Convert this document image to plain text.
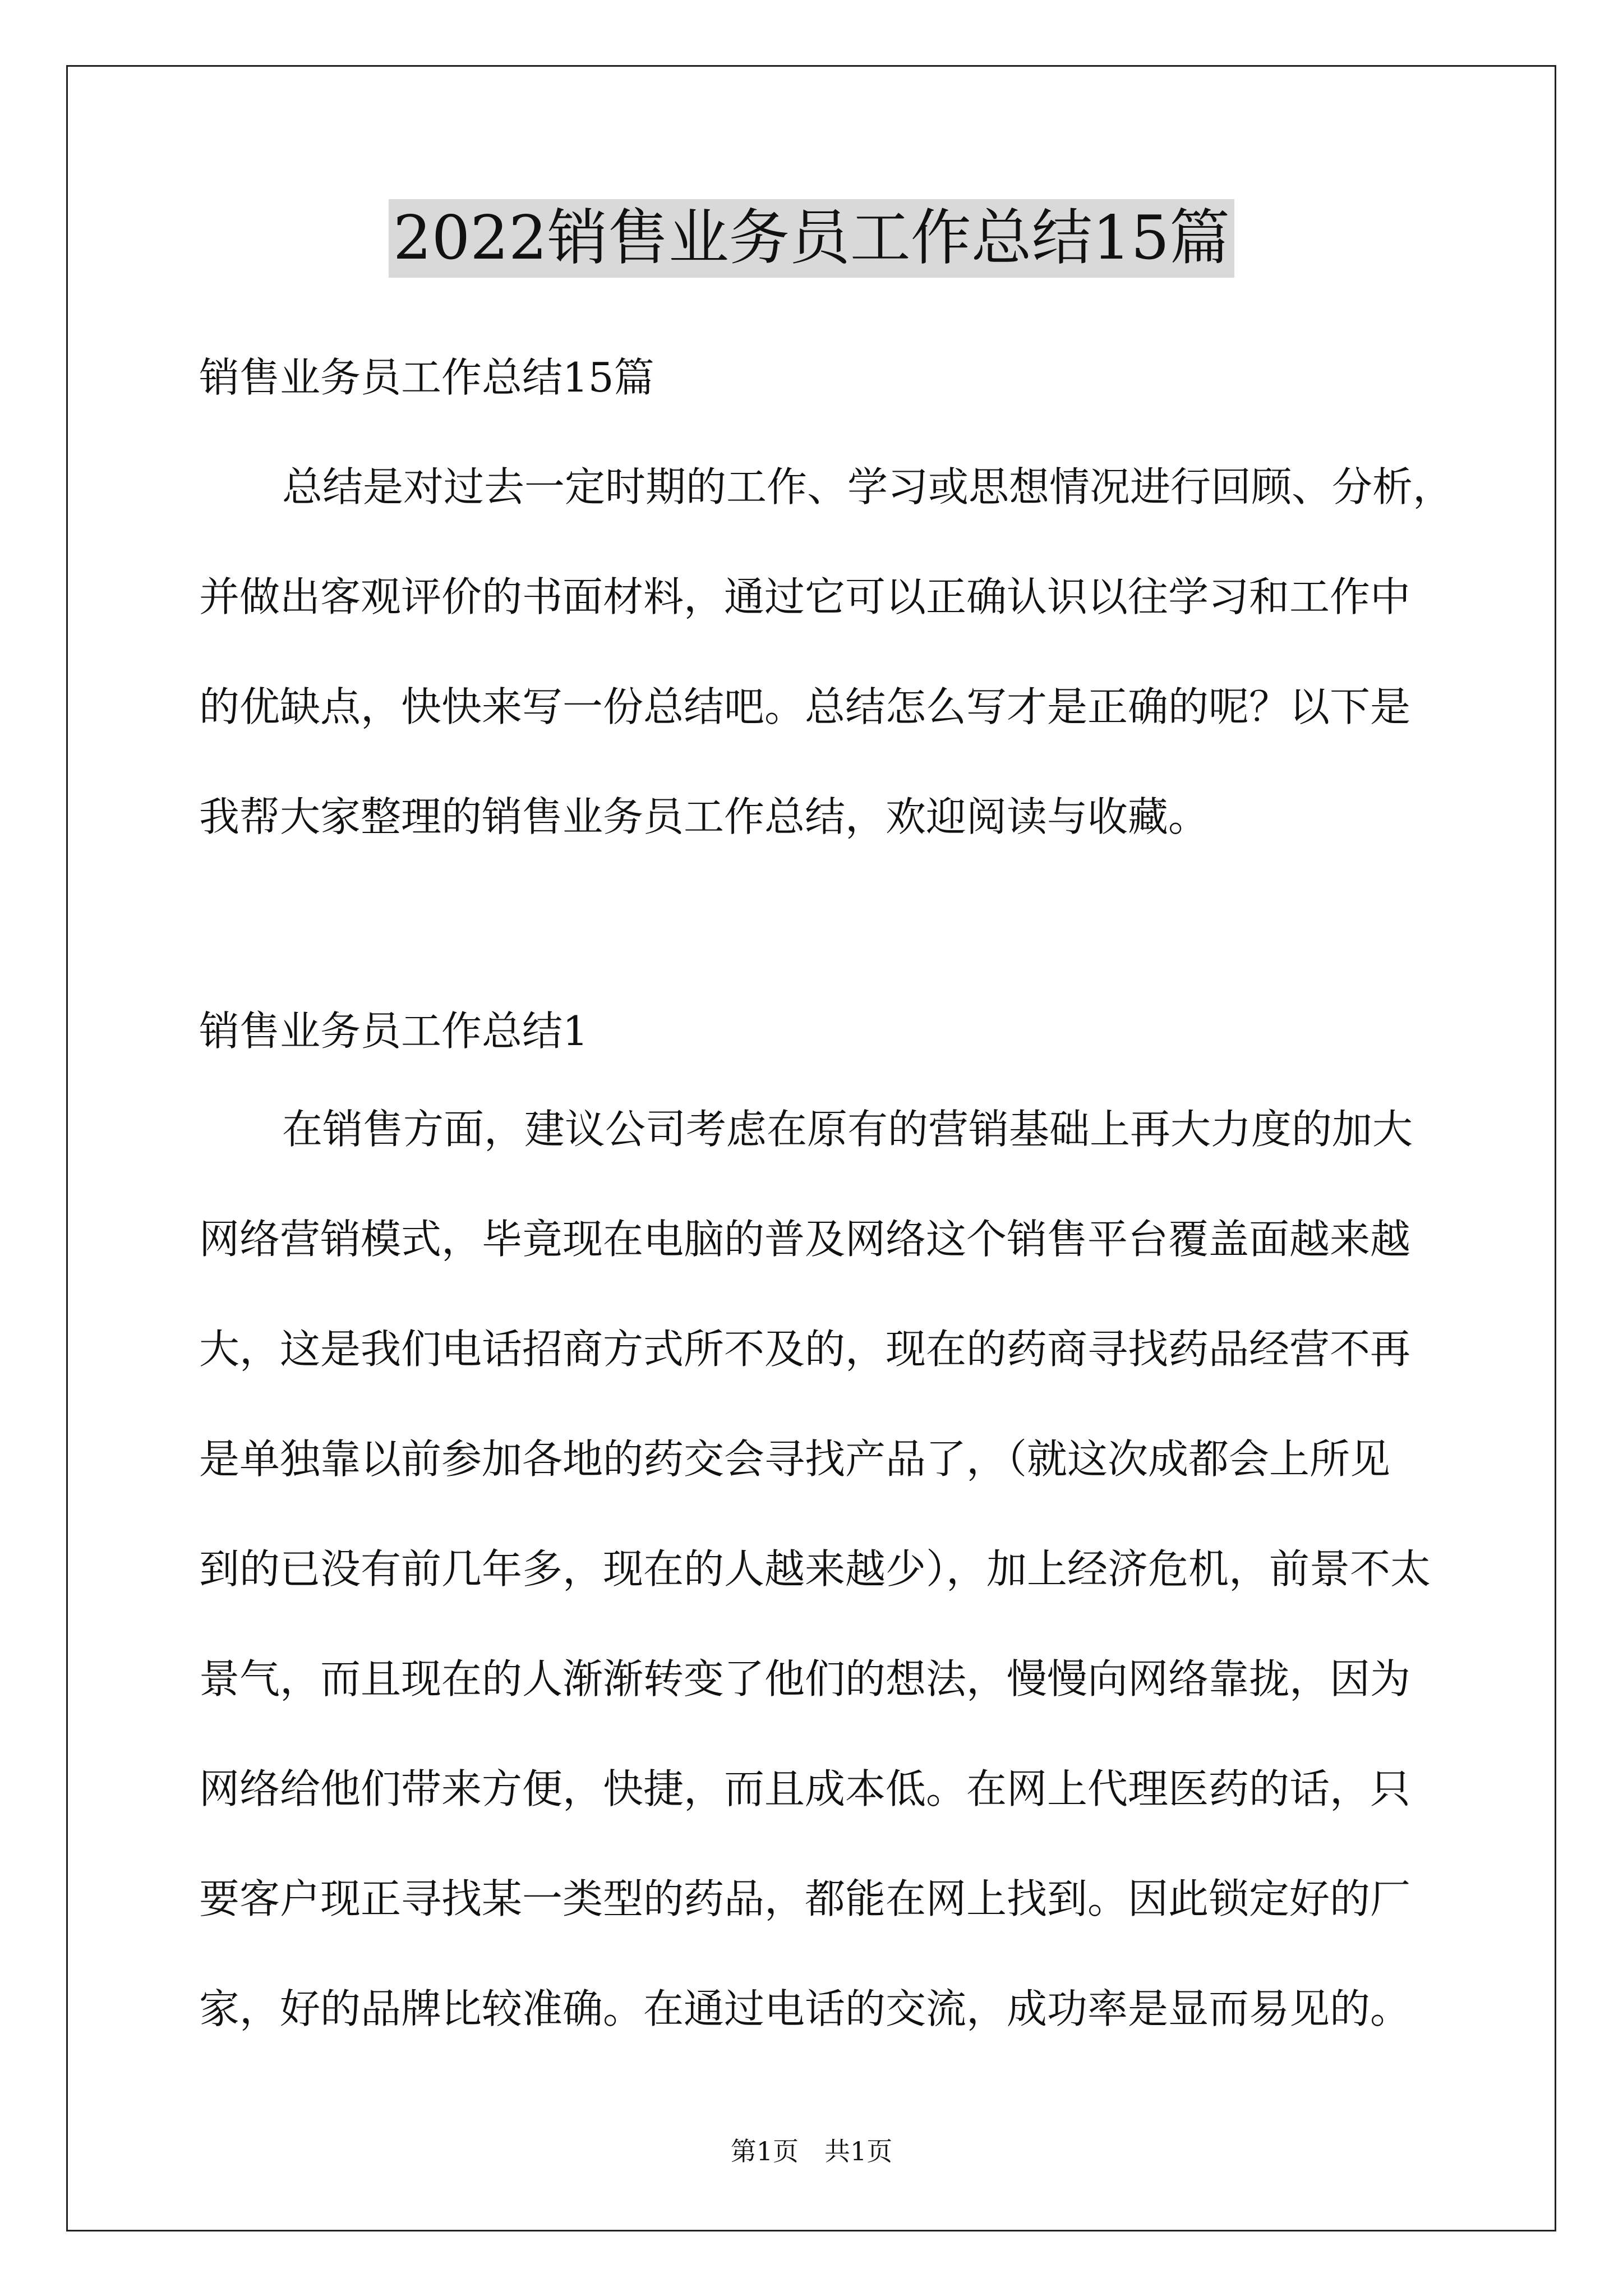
2022销售业务员工作总结15篇
销售业务员工作总结15篇
总结是对过去一定时期的工作、学习或思想情况进行回顾、分析，
并做出客观评价的书面材料，通过它可以正确认识以往学习和工作中
的优缺点，快快来写一份总结吧。总结怎么写才是正确的呢？以下是
我帮大家整理的销售业务员工作总结，欢迎阅读与收藏。
销售业务员工作总结1
在销售方面，建议公司考虑在原有的营销基础上再大力度的加大
网络营销模式，毕竟现在电脑的普及网络这个销售平台覆盖面越来越
大，这是我们电话招商方式所不及的，现在的药商寻找药品经营不再
是单独靠以前参加各地的药交会寻找产品了，（就这次成都会上所见
到的已没有前几年多，现在的人越来越少），加上经济危机，前景不太
景气，而且现在的人渐渐转变了他们的想法，慢慢向网络靠拢，因为
网络给他们带来方便，快捷，而且成本低。在网上代理医药的话，只
要客户现正寻找某一类型的药品，都能在网上找到。因此锁定好的厂
家，好的品牌比较准确。在通过电话的交流，成功率是显而易见的。
第1页　共1页
